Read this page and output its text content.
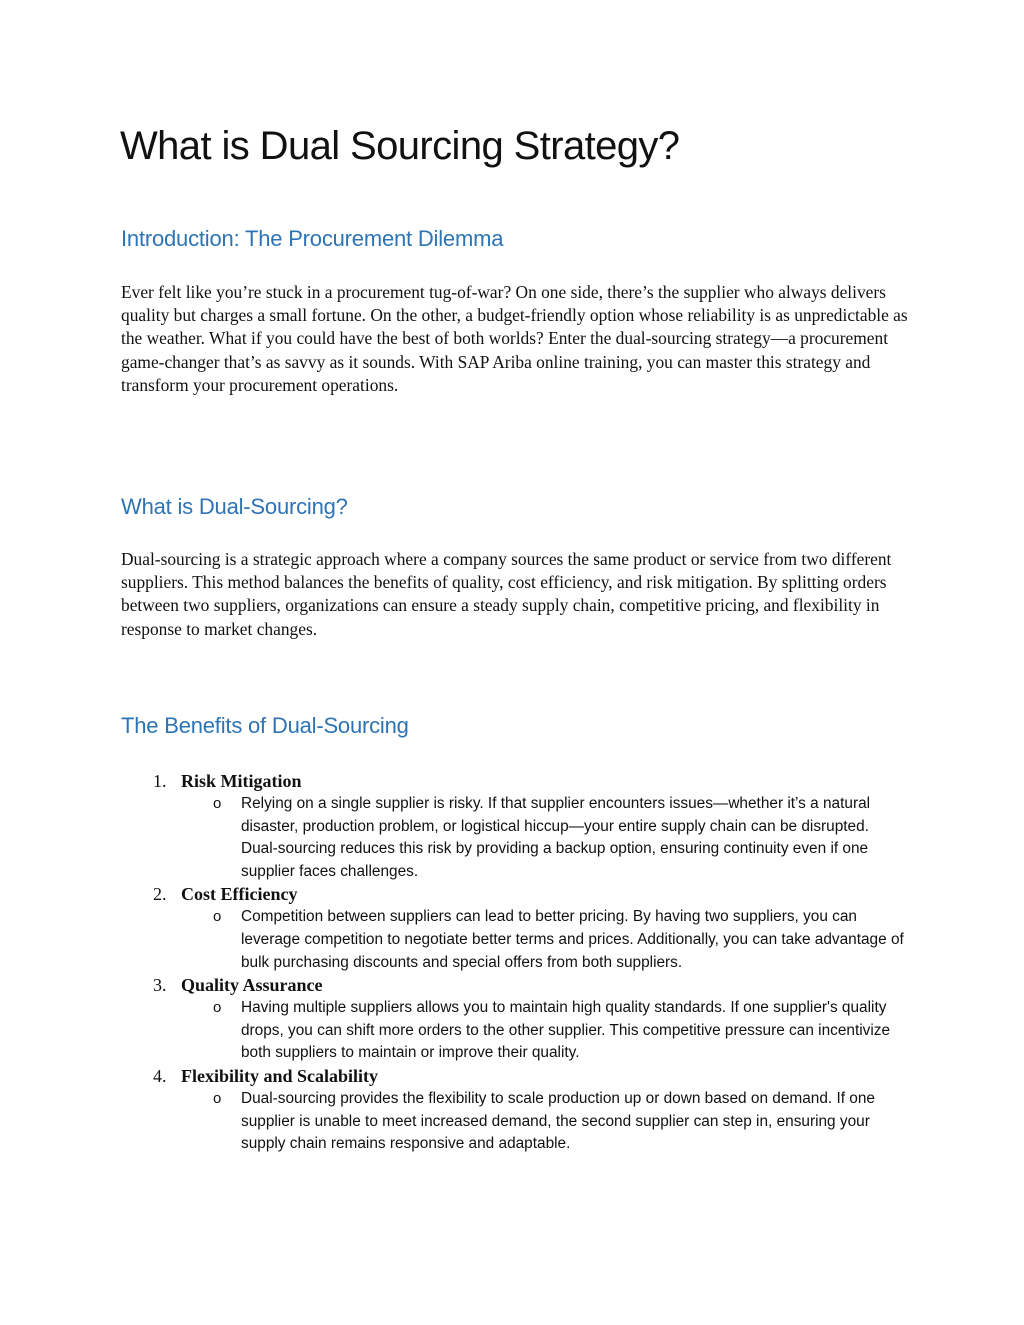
What is Dual Sourcing Strategy?
Introduction: The Procurement Dilemma

Ever felt like you’re stuck in a procurement tug-of-war? On one side, there’s the supplier who always delivers quality but charges a small fortune. On the other, a budget-friendly option whose reliability is as unpredictable as the weather. What if you could have the best of both worlds? Enter the dual-sourcing strategy—a procurement game-changer that’s as savvy as it sounds. With SAP Ariba online training, you can master this strategy and transform your procurement operations.

What is Dual-Sourcing?

Dual-sourcing is a strategic approach where a company sources the same product or service from two different suppliers. This method balances the benefits of quality, cost efficiency, and risk mitigation. By splitting orders between two suppliers, organizations can ensure a steady supply chain, competitive pricing, and flexibility in response to market changes.

The Benefits of Dual-Sourcing
1. Risk Mitigation
o	Relying on a single supplier is risky. If that supplier encounters issues—whether it’s a natural disaster, production problem, or logistical hiccup—your entire supply chain can be disrupted. Dual-sourcing reduces this risk by providing a backup option, ensuring continuity even if one supplier faces challenges.
2. Cost Efficiency
o	Competition between suppliers can lead to better pricing. By having two suppliers, you can leverage competition to negotiate better terms and prices. Additionally, you can take advantage of bulk purchasing discounts and special offers from both suppliers.
3. Quality Assurance
o	Having multiple suppliers allows you to maintain high quality standards. If one supplier's quality drops, you can shift more orders to the other supplier. This competitive pressure can incentivize both suppliers to maintain or improve their quality.
4. Flexibility and Scalability
o	Dual-sourcing provides the flexibility to scale production up or down based on demand. If one supplier is unable to meet increased demand, the second supplier can step in, ensuring your supply chain remains responsive and adaptable.
